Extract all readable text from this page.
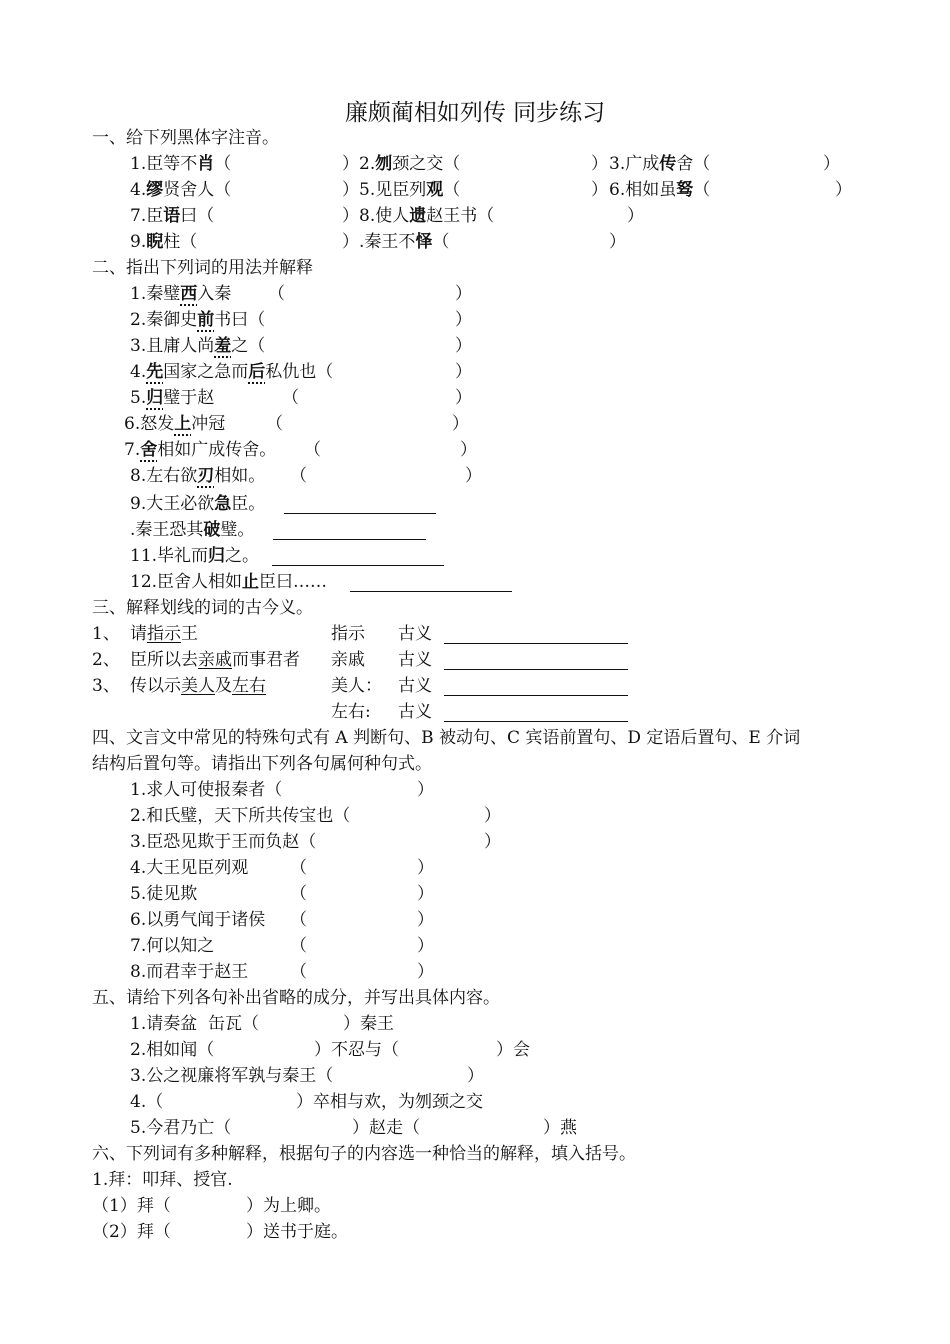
廉颇蔺相如列传 同步练习
一、给下列黑体字注音。
1.臣等不肖（	） 2.刎颈之交（	） 3.广成传舍（	）
4.缪贤舍人（	） 5.见臣列观（	） 6.相如虽驽（	）
7.臣语曰（	） 8.使人遗赵王书（	）
9.睨柱（	）.秦王不怿（	）
二、指出下列词的用法并解释
1.秦璧西入秦 （	）
2.秦御史前书曰（	）
3.且庸人尚羞之（	）
4.先国家之急而后私仇也（	）
5.归璧于赵	（	）
6.怒发上冲冠 （	）
7.舍相如广成传舍。 （	）
8.左右欲刃相如。 （	）
9.大王必欲急臣。
.秦王恐其破璧。
11.毕礼而归之。
12.臣舍人相如止臣曰……
三、解释划线的词的古今义。
1、 请指示王	指示 古义
2、 臣所以去亲戚而事君者 亲戚 古义
3、 传以示美人及左右	美人： 古义
左右: 古义
四、文言文中常见的特殊句式有 A 判断句、B 被动句、C 宾语前置句、D 定语后置句、E 介词
结构后置句等。请指出下列各句属何种句式。
1.求人可使报秦者（	）
2.和氏璧，天下所共传宝也（	）
3.臣恐见欺于王而负赵（	）
4.大王见臣列观 （	）
5.徒见欺	（	）
6.以勇气闻于诸侯 （	）
7.何以知之	（	）
8.而君幸于赵王 （	）
五、请给下列各句补出省略的成分，并写出具体内容。
1.请奏盆  缶瓦（	）秦王
2.相如闻（	）不忍与（	）会
3.公之视廉将军孰与秦王（	）
4.（	）卒相与欢，为刎颈之交
5.今君乃亡（	）赵走（	）燕
六、下列词有多种解释，根据句子的内容选一种恰当的解释，填入括号。
1.拜：叩拜、授官.
（1）拜（	）为上卿。
（2）拜（	）送书于庭。
